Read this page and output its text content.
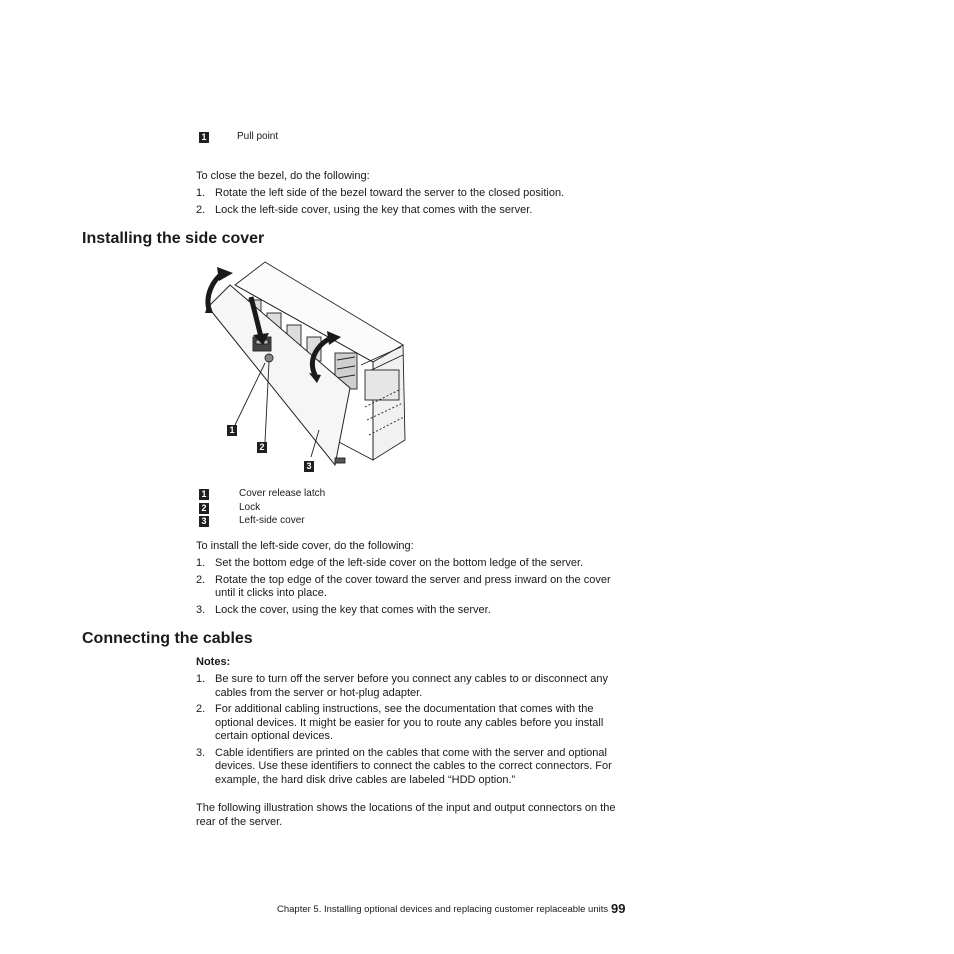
1	Pull point
To close the bezel, do the following:
1. Rotate the left side of the bezel toward the server to the closed position.
2. Lock the left-side cover, using the key that comes with the server.
Installing the side cover
1
2
3
1	Cover release latch
2	Lock
3	Left-side cover
To install the left-side cover, do the following:
1. Set the bottom edge of the left-side cover on the bottom ledge of the server.
2. Rotate the top edge of the cover toward the server and press inward on the cover until it clicks into place.
3. Lock the cover, using the key that comes with the server.
Connecting the cables
Notes:
1. Be sure to turn off the server before you connect any cables to or disconnect any cables from the server or hot-plug adapter.
2. For additional cabling instructions, see the documentation that comes with the optional devices. It might be easier for you to route any cables before you install certain optional devices.
3. Cable identifiers are printed on the cables that come with the server and optional devices. Use these identifiers to connect the cables to the correct connectors. For example, the hard disk drive cables are labeled “HDD option.”
The following illustration shows the locations of the input and output connectors on the rear of the server.
Chapter 5. Installing optional devices and replacing customer replaceable units 99
